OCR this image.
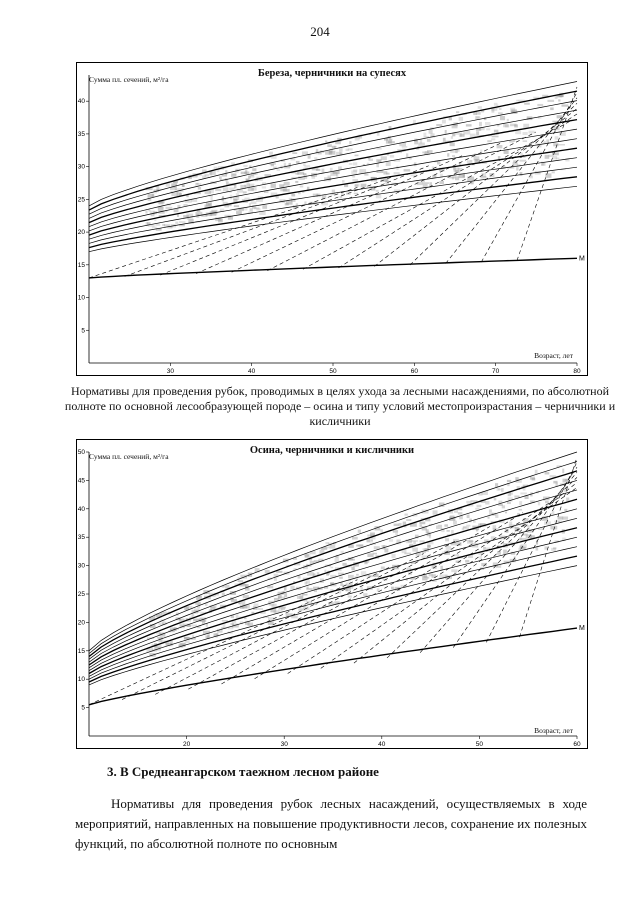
204
5
10
15
20
25
30
35
40
30	40	50	60	70	80
М
Береза, черничники на супесях
Сумма пл. сечений, м²/га
Возраст, лет
Нормативы для проведения рубок, проводимых в целях ухода за лесными насаждениями, по абсолютной полноте по основной лесообразующей породе – осина и типу условий местопроизрастания – черничники и кисличники
5
10
15
20
25
30
35
40
45
50
20	30	40	50	60
М
Осина, черничники и кисличники
Сумма пл. сечений, м²/га
Возраст, лет
3. В Среднеангарском таежном лесном районе
Нормативы для проведения рубок лесных насаждений, осуществляемых в ходе мероприятий, направленных на повышение продуктивности лесов, сохранение их полезных функций, по абсолютной полноте по основным
